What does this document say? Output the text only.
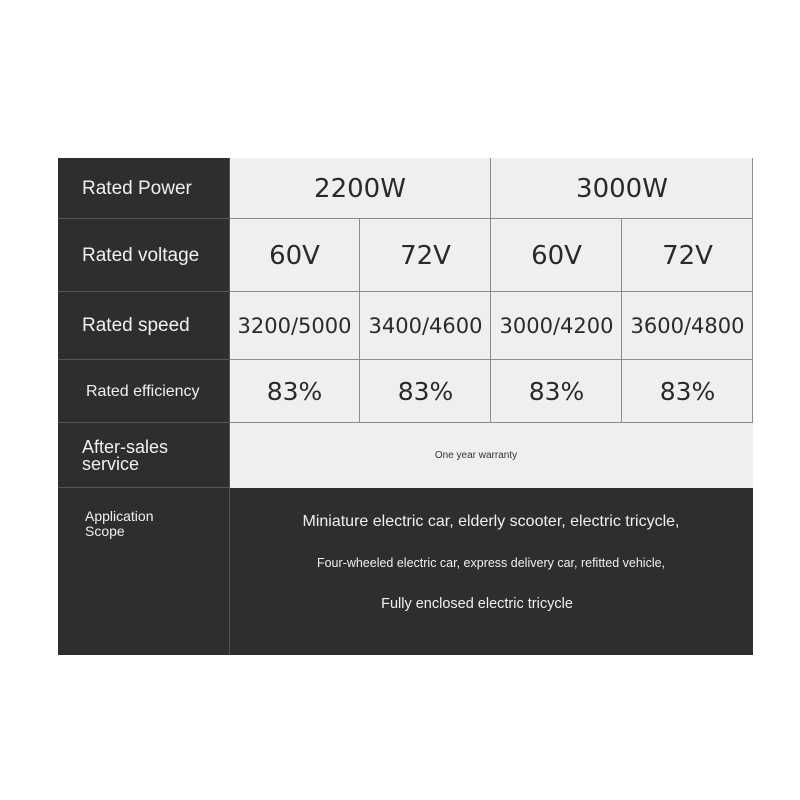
Rated Power	2200W	3000W
Rated voltage	60V	72V	60V	72V
Rated speed 3200/5000 3400/4600 3000/4200 3600/4800
Rated efficiency	83%	83%	83%	83%
After-sales
service	One year warranty
Application
Scope
Miniature electric car, elderly scooter, electric tricycle,
Four-wheeled electric car, express delivery car, refitted vehicle,
Fully enclosed electric tricycle
